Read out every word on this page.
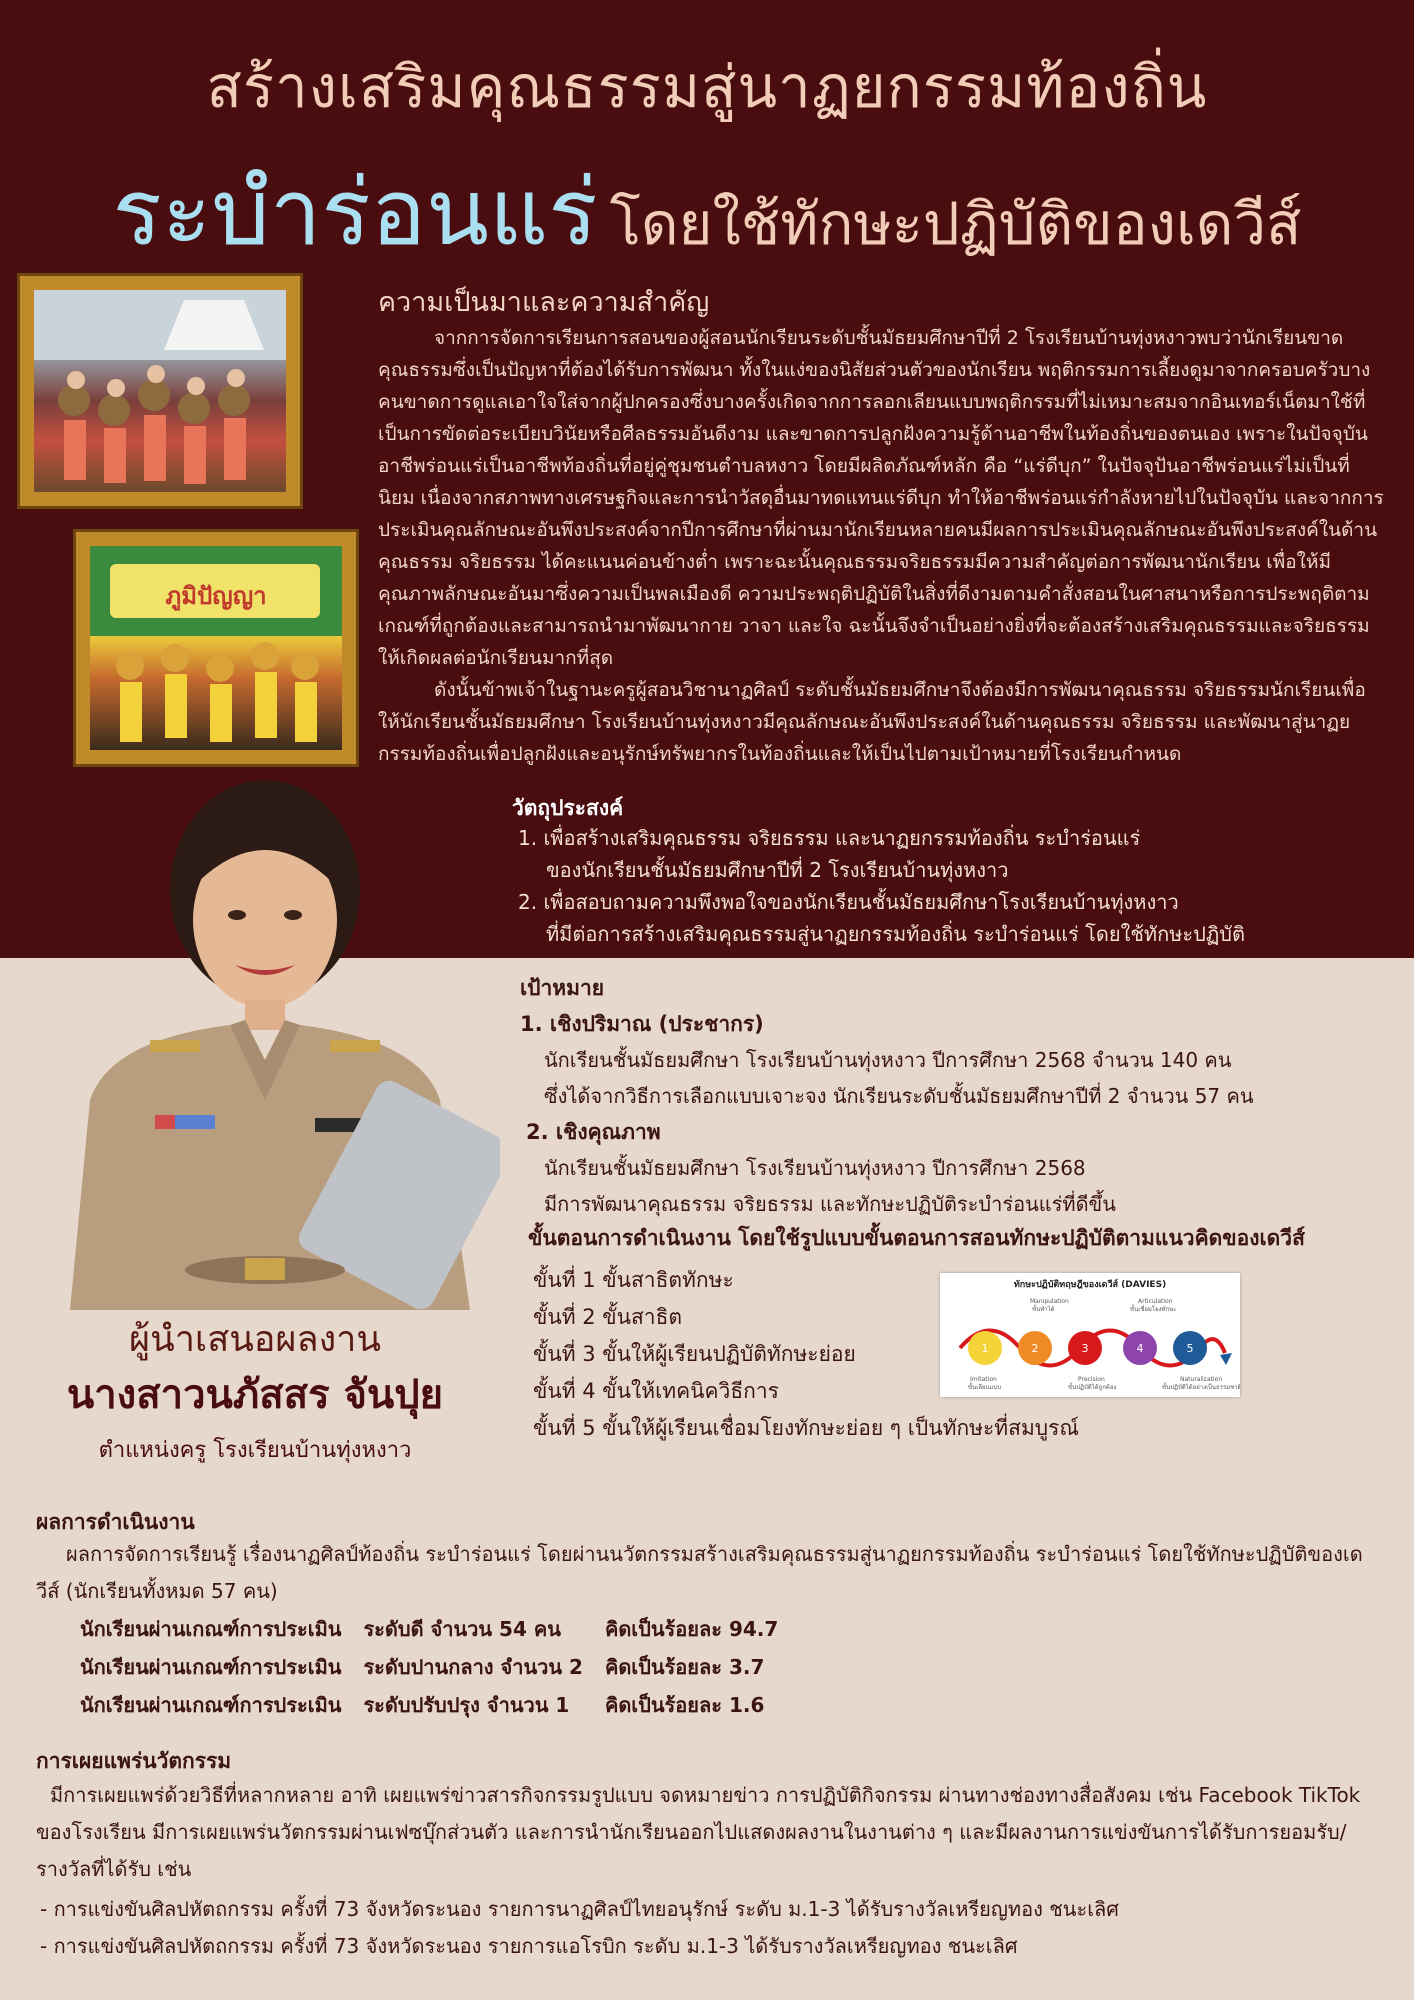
สร้างเสริมคุณธรรมสู่นาฏยกรรมท้องถิ่น
ระบำร่อนแร่ โดยใช้ทักษะปฏิบัติของเดวีส์
ภูมิปัญญา
ความเป็นมาและความสำคัญ

จากการจัดการเรียนการสอนของผู้สอนนักเรียนระดับชั้นมัธยมศึกษาปีที่ 2 โรงเรียนบ้านทุ่งหงาวพบว่านักเรียนขาดคุณธรรมซึ่งเป็นปัญหาที่ต้องได้รับการพัฒนา ทั้งในแง่ของนิสัยส่วนตัวของนักเรียน พฤติกรรมการเลี้ยงดูมาจากครอบครัวบางคนขาดการดูแลเอาใจใส่จากผู้ปกครองซึ่งบางครั้งเกิดจากการลอกเลียนแบบพฤติกรรมที่ไม่เหมาะสมจากอินเทอร์เน็ตมาใช้ที่เป็นการขัดต่อระเบียบวินัยหรือศีลธรรมอันดีงาม และขาดการปลูกฝังความรู้ด้านอาชีพในท้องถิ่นของตนเอง เพราะในปัจจุบันอาชีพร่อนแร่เป็นอาชีพท้องถิ่นที่อยู่คู่ชุมชนตำบลหงาว โดยมีผลิตภัณฑ์หลัก คือ “แร่ดีบุก” ในปัจจุปันอาชีพร่อนแร่ไม่เป็นที่นิยม เนื่องจากสภาพทางเศรษฐกิจและการนำวัสดุอื่นมาทดแทนแร่ดีบุก ทำให้อาชีพร่อนแร่กำลังหายไปในปัจจุบัน และจากการประเมินคุณลักษณะอันพึงประสงค์จากปีการศึกษาที่ผ่านมานักเรียนหลายคนมีผลการประเมินคุณลักษณะอันพึงประสงค์ในด้านคุณธรรม จริยธรรม ได้คะแนนค่อนข้างต่ำ เพราะฉะนั้นคุณธรรมจริยธรรมมีความสำคัญต่อการพัฒนานักเรียน เพื่อให้มีคุณภาพลักษณะอันมาซึ่งความเป็นพลเมืองดี ความประพฤติปฏิบัติในสิ่งที่ดีงามตามคำสั่งสอนในศาสนาหรือการประพฤติตามเกณฑ์ที่ถูกต้องและสามารถนำมาพัฒนากาย วาจา และใจ ฉะนั้นจึงจำเป็นอย่างยิ่งที่จะต้องสร้างเสริมคุณธรรมและจริยธรรมให้เกิดผลต่อนักเรียนมากที่สุด

ดังนั้นข้าพเจ้าในฐานะครูผู้สอนวิชานาฏศิลป์ ระดับชั้นมัธยมศึกษาจึงต้องมีการพัฒนาคุณธรรม จริยธรรมนักเรียนเพื่อให้นักเรียนชั้นมัธยมศึกษา โรงเรียนบ้านทุ่งหงาวมีคุณลักษณะอันพึงประสงค์ในด้านคุณธรรม จริยธรรม และพัฒนาสู่นาฏยกรรมท้องถิ่นเพื่อปลูกฝังและอนุรักษ์ทรัพยากรในท้องถิ่นและให้เป็นไปตามเป้าหมายที่โรงเรียนกำหนด

วัตถุประสงค์
1. เพื่อสร้างเสริมคุณธรรม จริยธรรม และนาฏยกรรมท้องถิ่น ระบำร่อนแร่
ของนักเรียนชั้นมัธยมศึกษาปีที่ 2 โรงเรียนบ้านทุ่งหงาว
2. เพื่อสอบถามความพึงพอใจของนักเรียนชั้นมัธยมศึกษาโรงเรียนบ้านทุ่งหงาว
ที่มีต่อการสร้างเสริมคุณธรรมสู่นาฏยกรรมท้องถิ่น ระบำร่อนแร่ โดยใช้ทักษะปฏิบัติ
ผู้นำเสนอผลงาน
นางสาวนภัสสร จันปุย
ตำแหน่งครู โรงเรียนบ้านทุ่งหงาว
เป้าหมาย
1. เชิงปริมาณ (ประชากร)
นักเรียนชั้นมัธยมศึกษา โรงเรียนบ้านทุ่งหงาว ปีการศึกษา 2568 จำนวน 140 คน
ซึ่งได้จากวิธีการเลือกแบบเจาะจง นักเรียนระดับชั้นมัธยมศึกษาปีที่ 2 จำนวน 57 คน
2. เชิงคุณภาพ
นักเรียนชั้นมัธยมศึกษา โรงเรียนบ้านทุ่งหงาว ปีการศึกษา 2568
มีการพัฒนาคุณธรรม จริยธรรม และทักษะปฏิบัติระบำร่อนแร่ที่ดีขึ้น
ขั้นตอนการดำเนินงาน โดยใช้รูปแบบขั้นตอนการสอนทักษะปฏิบัติตามแนวคิดของเดวีส์
ขั้นที่ 1 ขั้นสาธิตทักษะ
ขั้นที่ 2 ขั้นสาธิต
ขั้นที่ 3 ขั้นให้ผู้เรียนปฏิบัติทักษะย่อย
ขั้นที่ 4 ขั้นให้เทคนิควิธีการ
ขั้นที่ 5 ขั้นให้ผู้เรียนเชื่อมโยงทักษะย่อย ๆ เป็นทักษะที่สมบูรณ์
ทักษะปฏิบัติทฤษฎีของเดวีส์ (DAVIES)
1	2	3	4	5
Manipulation
ขั้นทำได้
Articulation
ขั้นเชื่อมโยงทักษะ
Imitation
ขั้นเลียนแบบ
Precision
ขั้นปฏิบัติได้ถูกต้อง
Naturalization
ขั้นปฏิบัติได้อย่างเป็นธรรมชาติ
ผลการดำเนินงาน

ผลการจัดการเรียนรู้ เรื่องนาฏศิลป์ท้องถิ่น ระบำร่อนแร่ โดยผ่านนวัตกรรมสร้างเสริมคุณธรรมสู่นาฏยกรรมท้องถิ่น ระบำร่อนแร่ โดยใช้ทักษะปฏิบัติของเดวีส์ (นักเรียนทั้งหมด 57 คน)

นักเรียนผ่านเกณฑ์การประเมิน	ระดับดี จำนวน 54 คน	คิดเป็นร้อยละ 94.7
นักเรียนผ่านเกณฑ์การประเมิน	ระดับปานกลาง จำนวน 2	คิดเป็นร้อยละ 3.7
นักเรียนผ่านเกณฑ์การประเมิน	ระดับปรับปรุง จำนวน 1	คิดเป็นร้อยละ 1.6
การเผยแพร่นวัตกรรม

มีการเผยแพร่ด้วยวิธีที่หลากหลาย อาทิ เผยแพร่ข่าวสารกิจกรรมรูปแบบ จดหมายข่าว การปฏิบัติกิจกรรม ผ่านทางช่องทางสื่อสังคม เช่น Facebook TikTok ของโรงเรียน มีการเผยแพร่นวัตกรรมผ่านเฟซบุ๊กส่วนตัว และการนำนักเรียนออกไปแสดงผลงานในงานต่าง ๆ และมีผลงานการแข่งขันการได้รับการยอมรับ/รางวัลที่ได้รับ เช่น

- การแข่งขันศิลปหัตถกรรม ครั้งที่ 73 จังหวัดระนอง รายการนาฏศิลป์ไทยอนุรักษ์ ระดับ ม.1-3 ได้รับรางวัลเหรียญทอง ชนะเลิศ
- การแข่งขันศิลปหัตถกรรม ครั้งที่ 73 จังหวัดระนอง รายการแอโรบิก ระดับ ม.1-3 ได้รับรางวัลเหรียญทอง ชนะเลิศ
